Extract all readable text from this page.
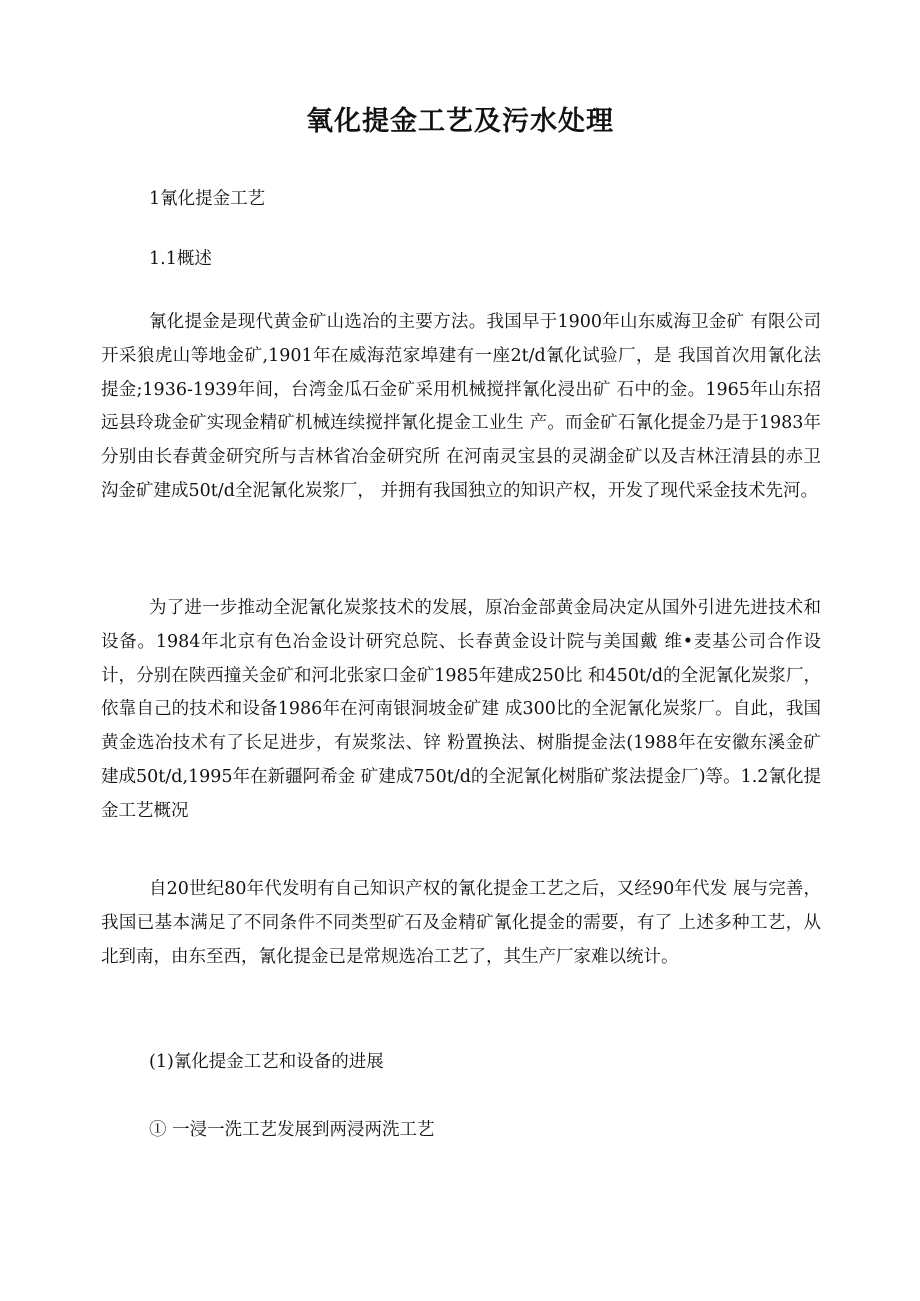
氧化提金工艺及污水处理
1氰化提金工艺
1.1概述

氰化提金是现代黄金矿山选冶的主要方法。我国早于1900年山东威海卫金矿 有限公司开采狼虎山等地金矿,1901年在威海范家埠建有一座2t/d氰化试验厂，是 我国首次用氰化法提金;1936-1939年间，台湾金瓜石金矿采用机械搅拌氰化浸出矿 石中的金。1965年山东招远县玲珑金矿实现金精矿机械连续搅拌氰化提金工业生 产。而金矿石氰化提金乃是于1983年分别由长春黄金研究所与吉林省冶金研究所 在河南灵宝县的灵湖金矿以及吉林汪清县的赤卫沟金矿建成50t/d全泥氰化炭浆厂， 并拥有我国独立的知识产权，开发了现代采金技术先河。

为了进一步推动全泥氰化炭浆技术的发展，原冶金部黄金局决定从国外引进先进技术和设备。1984年北京有色冶金设计研究总院、长春黄金设计院与美国戴 维•麦基公司合作设计，分别在陕西撞关金矿和河北张家口金矿1985年建成250比 和450t/d的全泥氰化炭浆厂，依靠自己的技术和设备1986年在河南银洞坡金矿建 成300比的全泥氰化炭浆厂。自此，我国黄金选冶技术有了长足进步，有炭浆法、锌 粉置换法、树脂提金法(1988年在安徽东溪金矿建成50t/d,1995年在新疆阿希金 矿建成750t/d的全泥氰化树脂矿浆法提金厂)等。1.2氰化提金工艺概况

自20世纪80年代发明有自己知识产权的氰化提金工艺之后，又经90年代发 展与完善，我国已基本满足了不同条件不同类型矿石及金精矿氰化提金的需要，有了 上述多种工艺，从北到南，由东至西，氰化提金已是常规选冶工艺了，其生产厂家难以统计。

(1)氰化提金工艺和设备的进展
① 一浸一洗工艺发展到两浸两洗工艺
